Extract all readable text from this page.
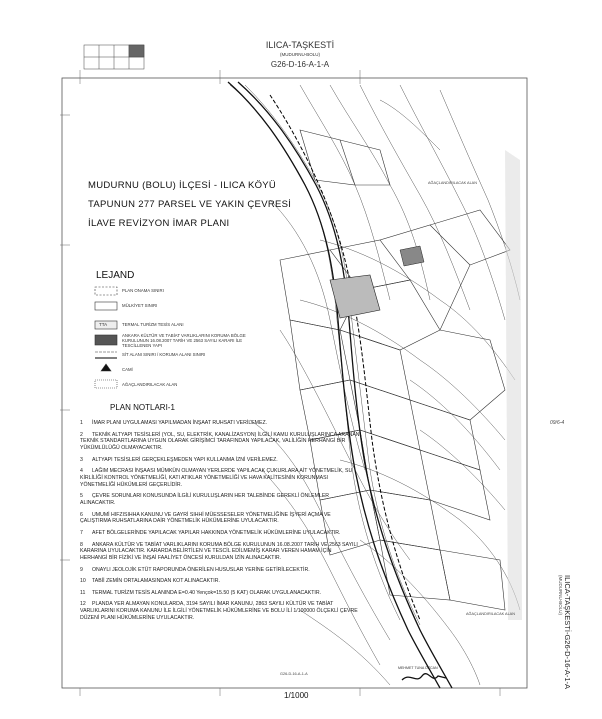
ILICA-TAŞKESTİ
(MUDURNU-BOLU)
G26-D-16-A-1-A
MUDURNU (BOLU) İLÇESİ - ILICA KÖYÜ
TAPUNUN 277 PARSEL VE YAKIN ÇEVRESİ
İLAVE REVİZYON İMAR PLANI
AĞAÇLANDIRILACAK ALAN
AĞAÇLANDIRILACAK ALAN
G26-D-16-A-1-A
09/6-4
LEJAND
PLAN ONAMA SINIRI
MÜLKİYET SINIRI
TTA	TERMAL TURİZM TESİS ALANI
ANKARA KÜLTÜR VE TABİAT VARLIKLARINI KORUMA BÖLGE KURULUNUN 16.08.2007 TARİH VE 2563 SAYILI KARARI İLE TESCİLLENEN YAPI
SİT ALANI SINIRI / KORUMA ALANI SINIRI
CAMİ
AĞAÇLANDIRILACAK ALAN
PLAN NOTLARI-1
1 İMAR PLANI UYGULAMASI YAPILMADAN İNŞAAT RUHSATI VERİLEMEZ.
2 TEKNİK ALTYAPI TESİSLERİ (YOL, SU, ELEKTRİK, KANALİZASYON) İLGİLİ KAMU KURULUŞLARINCA ARANAN TEKNİK STANDARTLARINA UYGUN OLARAK GİRİŞİMCİ TARAFINDAN YAPILACAK, VALİLİĞİN HERHANGİ BİR YÜKÜMLÜLÜĞÜ OLMAYACAKTIR.
3 ALTYAPI TESİSLERİ GERÇEKLEŞMEDEN YAPI KULLANMA İZNİ VERİLEMEZ.
4 LAĞIM MECRASI İNŞAASI MÜMKÜN OLMAYAN YERLERDE YAPILACAK ÇUKURLARA AİT YÖNETMELİK, SU KİRLİLİĞİ KONTROL YÖNETMELİĞİ, KATI ATIKLAR YÖNETMELİĞİ VE HAVA KALİTESİNİN KORUNMASI YÖNETMELİĞİ HÜKÜMLERİ GEÇERLİDİR.
5 ÇEVRE SORUNLARI KONUSUNDA İLGİLİ KURULUŞLARIN HER TALEBİNDE GEREKLİ ÖNLEMLER ALINACAKTIR.
6 UMUMİ HIFZISIHHA KANUNU VE GAYRİ SIHHİ MÜESSESELER YÖNETMELİĞİNE İŞYERİ AÇMA VE ÇALIŞTIRMA RUHSATLARINA DAİR YÖNETMELİK HÜKÜMLERİNE UYULACAKTIR.
7 AFET BÖLGELERİNDE YAPILACAK YAPILAR HAKKINDA YÖNETMELİK HÜKÜMLERİNE UYULACAKTIR.
8 ANKARA KÜLTÜR VE TABİAT VARLIKLARINI KORUMA BÖLGE KURULUNUN 16.08.2007 TARİH VE 2563 SAYILI KARARINA UYULACAKTIR. KARARDA BELİRTİLEN VE TESCİL EDİLMEMİŞ KARAR VEREN HAMAM İÇİN HERHANGİ BİR FİZİKİ VE İNŞAİ FAALİYET ÖNCESİ KURULDAN İZİN ALINACAKTIR.
9 ONAYLI JEOLOJİK ETÜT RAPORUNDA ÖNERİLEN HUSUSLAR YERİNE GETİRİLECEKTİR.
10 TABİİ ZEMİN ORTALAMASINDAN KOT ALINACAKTIR.
11 TERMAL TURİZM TESİS ALANINDA E=0.40 Yençok=15.50 (5 KAT) OLARAK UYGULANACAKTIR.
12 PLANDA YER ALMAYAN KONULARDA, 3194 SAYILI İMAR KANUNU, 2863 SAYILI KÜLTÜR VE TABİAT VARLIKLARINI KORUMA KANUNU İLE İLGİLİ YÖNETMELİK HÜKÜMLERİNE VE BOLU İLİ 1/100000 ÖLÇEKLİ ÇEVRE DÜZENİ PLANI HÜKÜMLERİNE UYULACAKTIR.
1/1000
MEHMET TUNA ÖZCAN	ILICA-TAŞKESTİ-G26-D-16-A-1-A
(MUDURNU-BOLU)
